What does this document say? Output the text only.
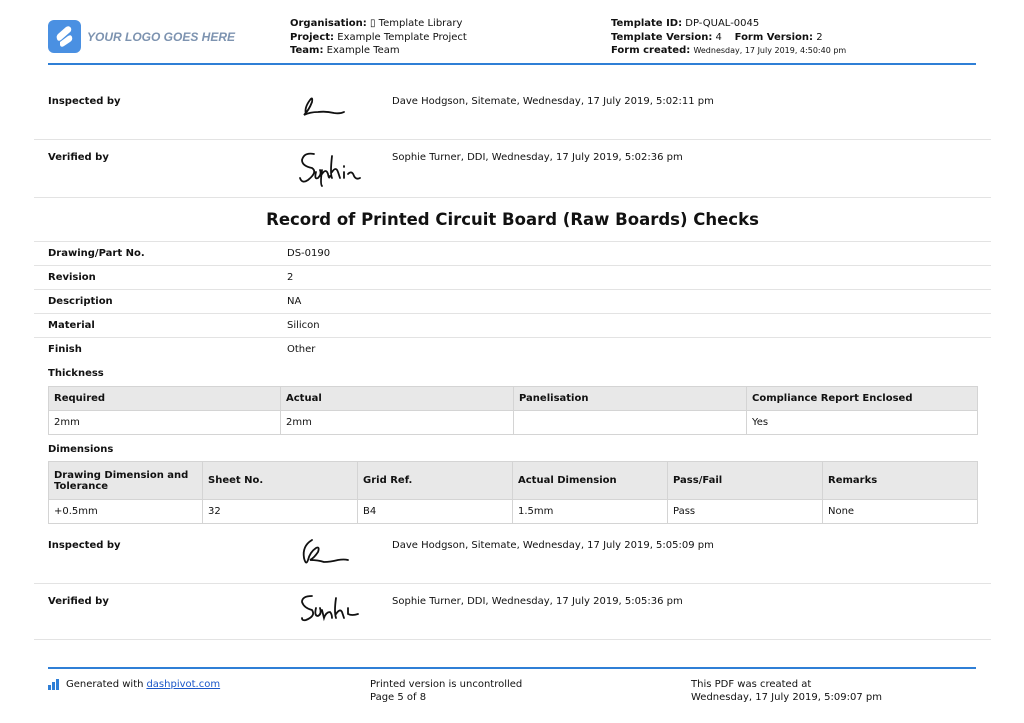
YOUR LOGO GOES HERE
Organisation: ▯ Template Library
Project: Example Template Project
Team: Example Team
Template ID: DP-QUAL-0045
Template Version: 4 Form Version: 2
Form created: Wednesday, 17 July 2019, 4:50:40 pm
Inspected by	Dave Hodgson, Sitemate, Wednesday, 17 July 2019, 5:02:11 pm
Verified by	Sophie Turner, DDI, Wednesday, 17 July 2019, 5:02:36 pm
Record of Printed Circuit Board (Raw Boards) Checks
Drawing/Part No.	DS-0190
Revision	2
Description	NA
Material	Silicon
Finish	Other
Thickness
Required	Actual	Panelisation	Compliance Report Enclosed
2mm	2mm		Yes
Dimensions
Drawing Dimension and Tolerance	Sheet No.	Grid Ref.	Actual Dimension	Pass/Fail	Remarks
+0.5mm	32	B4	1.5mm	Pass	None
Inspected by	Dave Hodgson, Sitemate, Wednesday, 17 July 2019, 5:05:09 pm
Verified by	Sophie Turner, DDI, Wednesday, 17 July 2019, 5:05:36 pm
Generated with dashpivot.com	Printed version is uncontrolled
Page 5 of 8
This PDF was created at
Wednesday, 17 July 2019, 5:09:07 pm
